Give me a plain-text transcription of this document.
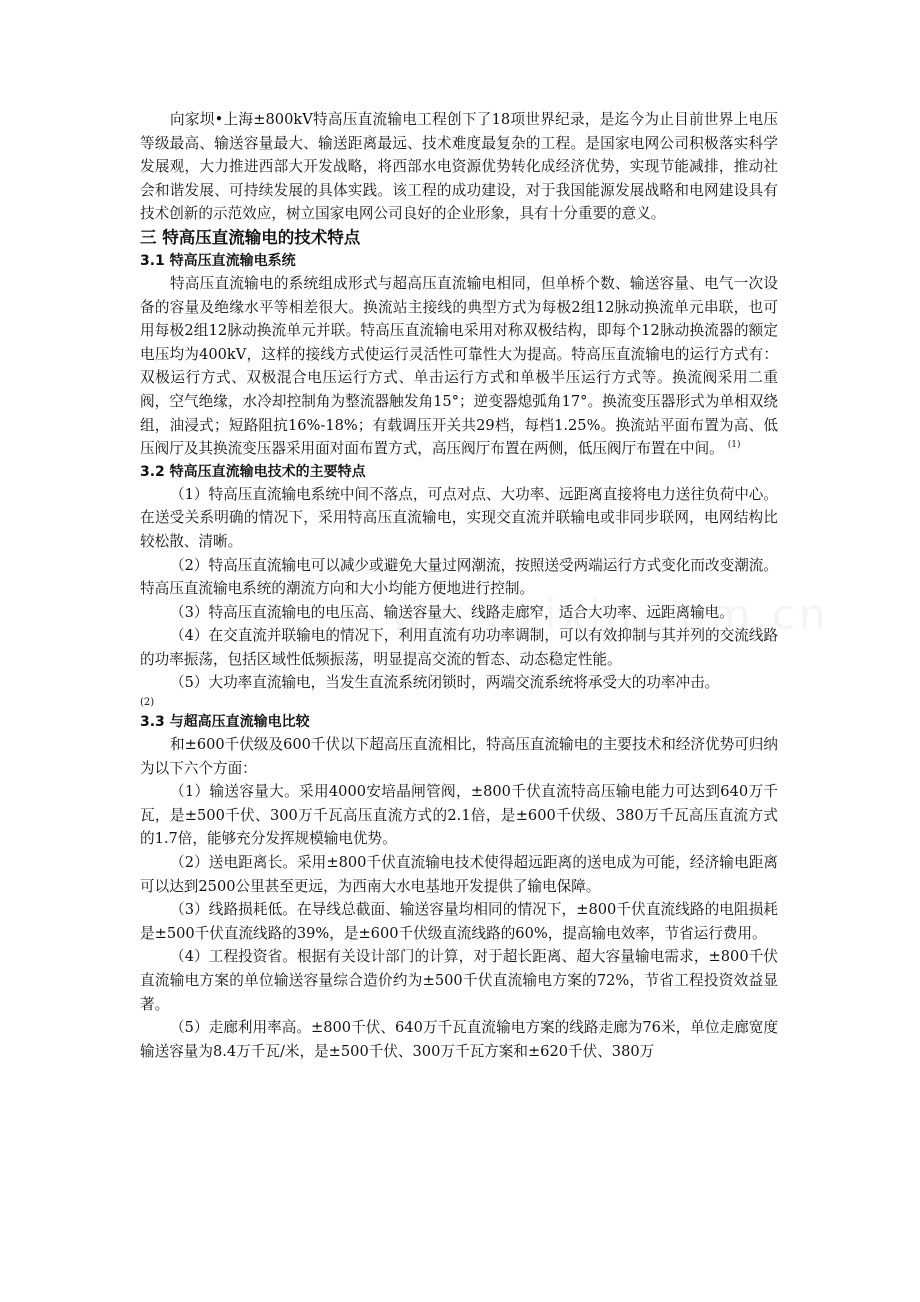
向家坝•上海±800kV特高压直流输电工程创下了18项世界纪录，是迄今为止目前世界上电压等级最高、输送容量最大、输送距离最远、技术难度最复杂的工程。是国家电网公司积极落实科学发展观，大力推进西部大开发战略，将西部水电资源优势转化成经济优势，实现节能减排，推动社会和谐发展、可持续发展的具体实践。该工程的成功建设，对于我国能源发展战略和电网建设具有技术创新的示范效应，树立国家电网公司良好的企业形象，具有十分重要的意义。

三 特高压直流输电的技术特点
3.1 特高压直流输电系统

特高压直流输电的系统组成形式与超高压直流输电相同，但单桥个数、输送容量、电气一次设备的容量及绝缘水平等相差很大。换流站主接线的典型方式为每极2组12脉动换流单元串联，也可用每极2组12脉动换流单元并联。特高压直流输电采用对称双极结构，即每个12脉动换流器的额定电压均为400kV，这样的接线方式使运行灵活性可靠性大为提高。特高压直流输电的运行方式有：双极运行方式、双极混合电压运行方式、单击运行方式和单极半压运行方式等。换流阀采用二重阀，空气绝缘，水冷却控制角为整流器触发角15°；逆变器熄弧角17°。换流变压器形式为单相双绕组，油浸式；短路阻抗16%-18%；有载调压开关共29档，每档1.25%。换流站平面布置为高、低压阀厅及其换流变压器采用面对面布置方式，高压阀厅布置在两侧，低压阀厅布置在中间。 $^{(1)}$

3.2 特高压直流输电技术的主要特点

（1）特高压直流输电系统中间不落点，可点对点、大功率、远距离直接将电力送往负荷中心。在送受关系明确的情况下，采用特高压直流输电，实现交直流并联输电或非同步联网，电网结构比较松散、清晰。

（2）特高压直流输电可以减少或避免大量过网潮流，按照送受两端运行方式变化而改变潮流。特高压直流输电系统的潮流方向和大小均能方便地进行控制。

（3）特高压直流输电的电压高、输送容量大、线路走廊窄，适合大功率、远距离输电。

（4）在交直流并联输电的情况下，利用直流有功功率调制，可以有效抑制与其并列的交流线路的功率振荡，包括区域性低频振荡，明显提高交流的暂态、动态稳定性能。

（5）大功率直流输电，当发生直流系统闭锁时，两端交流系统将承受大的功率冲击。

(2)

3.3 与超高压直流输电比较

和±600千伏级及600千伏以下超高压直流相比，特高压直流输电的主要技术和经济优势可归纳为以下六个方面：

（1）输送容量大。采用4000安培晶闸管阀，±800千伏直流特高压输电能力可达到640万千瓦，是±500千伏、300万千瓦高压直流方式的2.1倍，是±600千伏级、380万千瓦高压直流方式的1.7倍，能够充分发挥规模输电优势。

（2）送电距离长。采用±800千伏直流输电技术使得超远距离的送电成为可能，经济输电距离可以达到2500公里甚至更远，为西南大水电基地开发提供了输电保障。

（3）线路损耗低。在导线总截面、输送容量均相同的情况下，±800千伏直流线路的电阻损耗是±500千伏直流线路的39%，是±600千伏级直流线路的60%，提高输电效率，节省运行费用。

（4）工程投资省。根据有关设计部门的计算，对于超长距离、超大容量输电需求，±800千伏直流输电方案的单位输送容量综合造价约为±500千伏直流输电方案的72%，节省工程投资效益显著。

（5）走廊利用率高。±800千伏、640万千瓦直流输电方案的线路走廊为76米，单位走廊宽度输送容量为8.4万千瓦/米，是±500千伏、300万千瓦方案和±620千伏、380万
